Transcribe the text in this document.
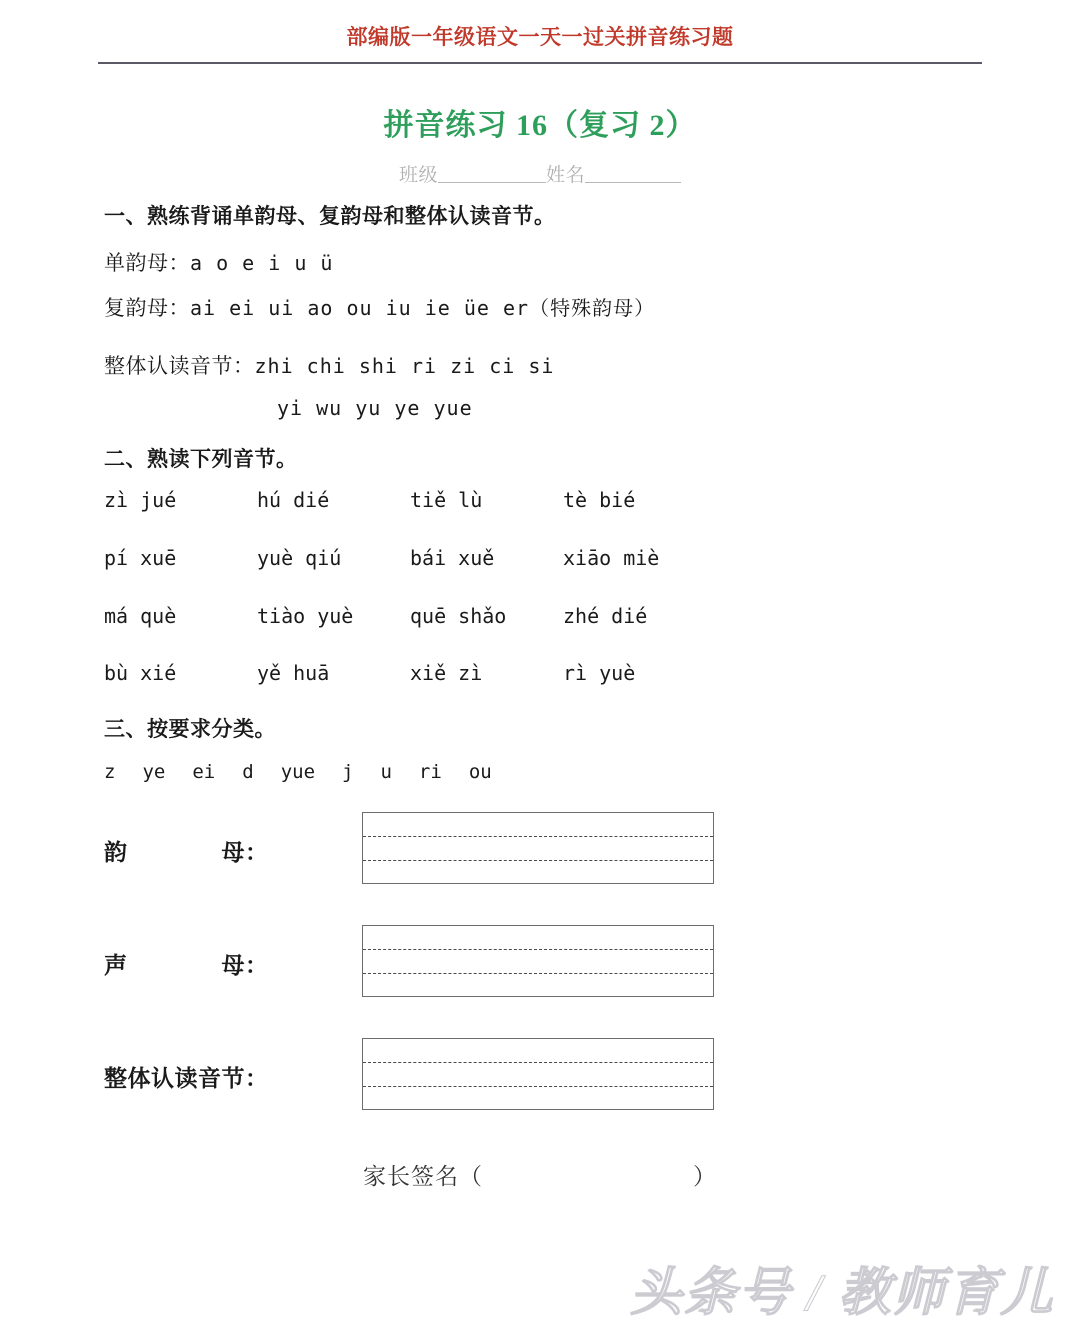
部编版一年级语文一天一过关拼音练习题
拼音练习 16（复习 2）
班级	姓名
一、熟练背诵单韵母、复韵母和整体认读音节。
单韵母：a o e i u ü
复韵母：ai ei ui ao ou iu ie üe er（特殊韵母）
整体认读音节：zhi chi shi ri zi ci si
yi wu yu ye yue
二、熟读下列音节。
zì jué	hú dié	tiě lù	tè bié
pí xuē	yuè qiú	bái xuě	xiāo miè
má què	tiào yuè	quē shǎo	zhé dié
bù xié	yě huā	xiě zì	rì yuè
三、按要求分类。
z ye ei d yue j u ri ou
韵　　　　母：
声　　　　母：
整体认读音节：
家长签名（	）
头条号 / 教师育儿
